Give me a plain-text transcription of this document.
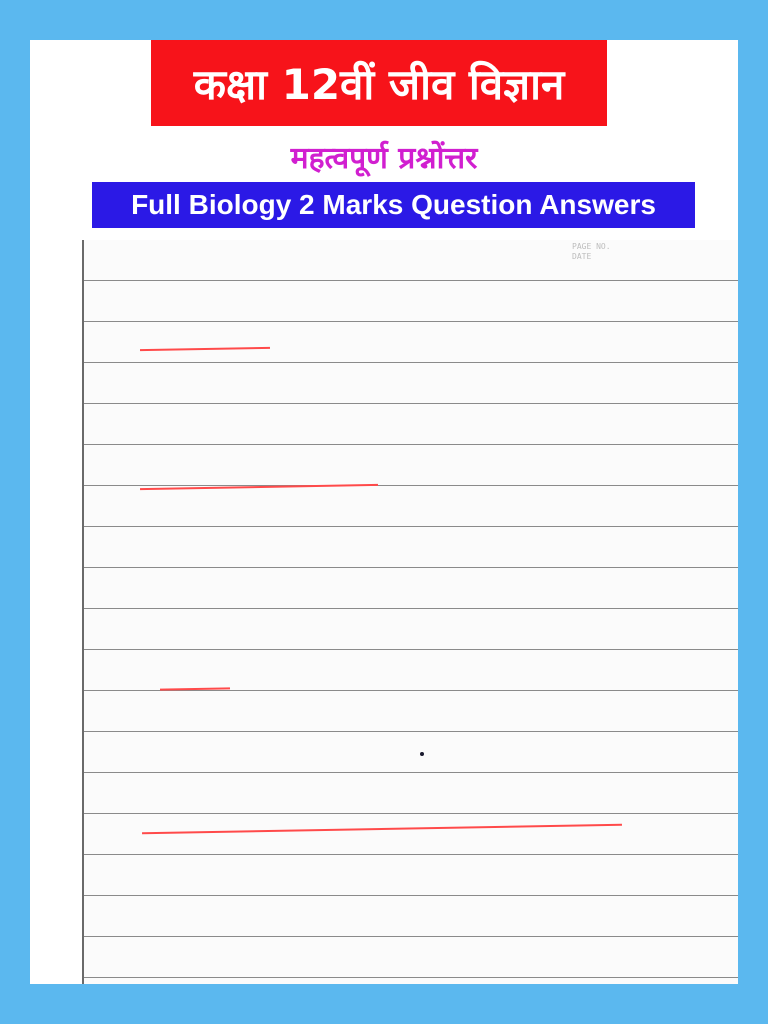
कक्षा 12वीं जीव विज्ञान
महत्वपूर्ण प्रश्नोंत्तर
Full Biology 2 Marks Question Answers
PAGE NO.
DATE
